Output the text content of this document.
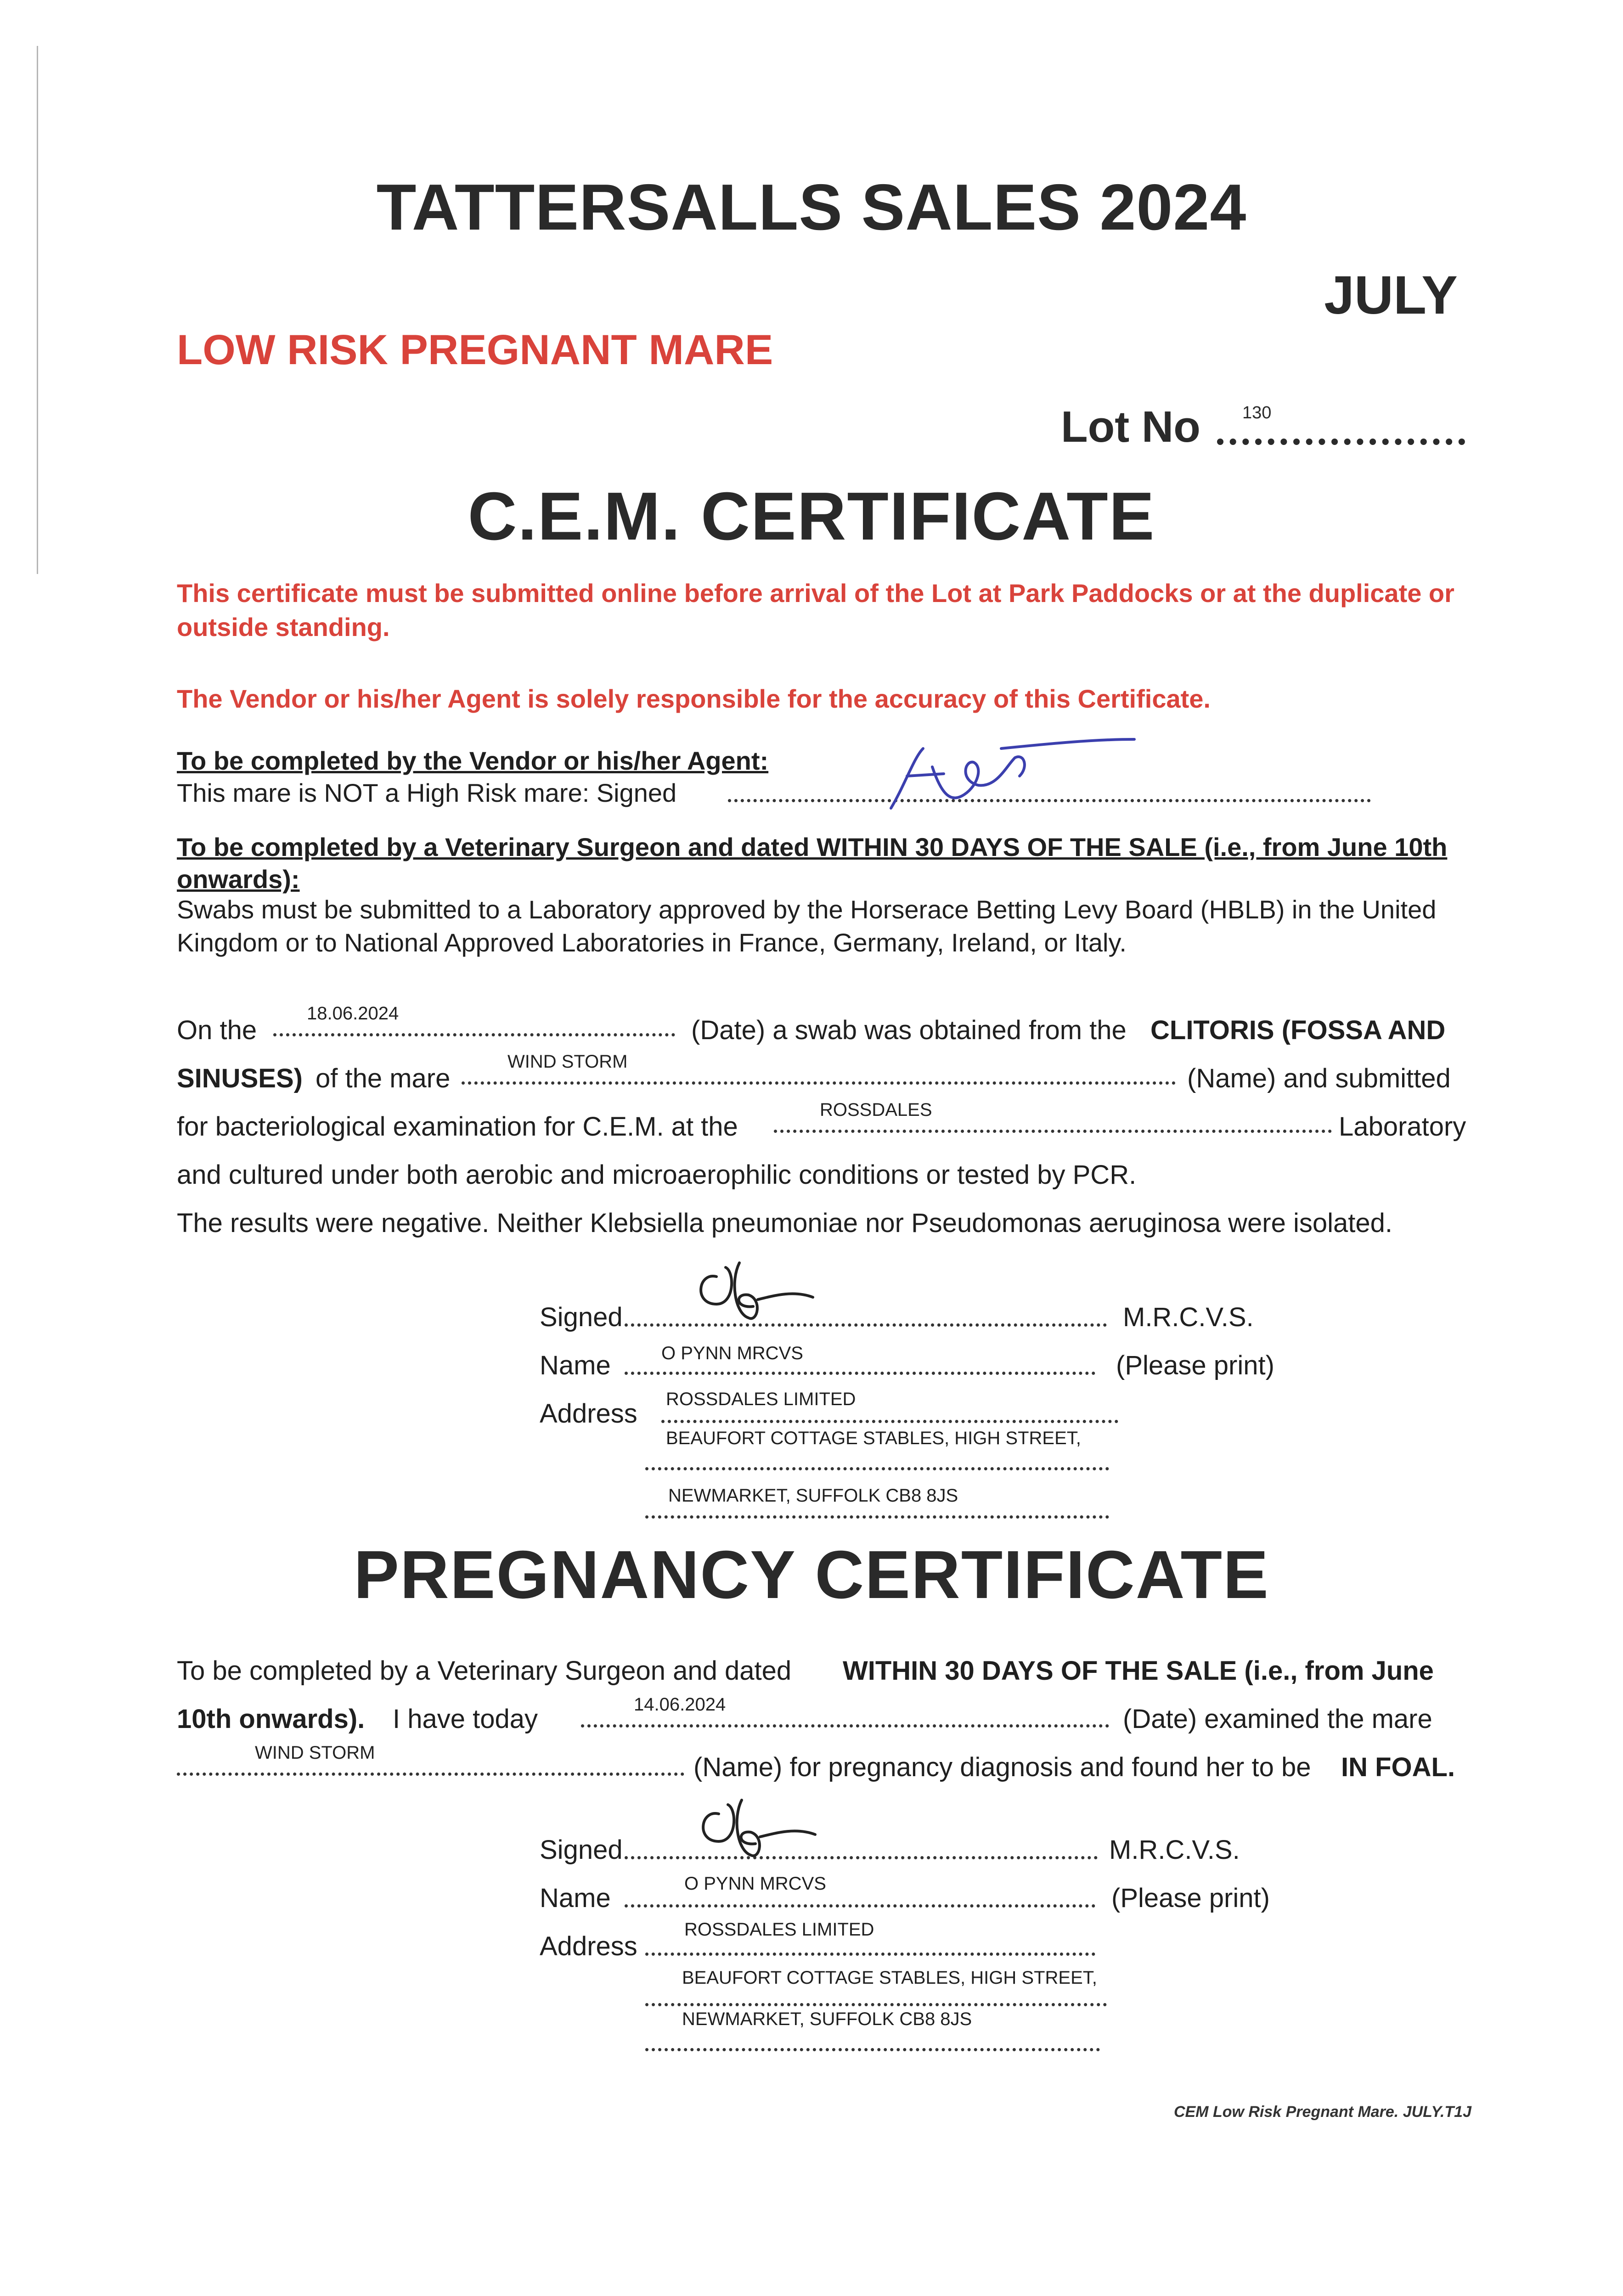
TATTERSALLS SALES 2024
JULY
LOW RISK PREGNANT MARE
Lot No 130
C.E.M. CERTIFICATE
This certificate must be submitted online before arrival of the Lot at Park Paddocks or at the duplicate or outside standing.
The Vendor or his/her Agent is solely responsible for the accuracy of this Certificate.
To be completed by the Vendor or his/her Agent:
This mare is NOT a High Risk mare: Signed
To be completed by a Veterinary Surgeon and dated WITHIN 30 DAYS OF THE SALE (i.e., from June 10th onwards):
Swabs must be submitted to a Laboratory approved by the Horserace Betting Levy Board (HBLB) in the United Kingdom or to National Approved Laboratories in France, Germany, Ireland, or Italy.
On the
18.06.2024
(Date) a swab was obtained from the CLITORIS (FOSSA AND
SINUSES) of the mare
WIND STORM
(Name) and submitted
for bacteriological examination for C.E.M. at the
ROSSDALES
Laboratory
and cultured under both aerobic and microaerophilic conditions or tested by PCR.
The results were negative. Neither Klebsiella pneumoniae nor Pseudomonas aeruginosa were isolated.
Signed	M.R.C.V.S.
Name	O PYNN MRCVS	(Please print)
Address ROSSDALES LIMITED
BEAUFORT COTTAGE STABLES, HIGH STREET,
NEWMARKET, SUFFOLK CB8 8JS
PREGNANCY CERTIFICATE
To be completed by a Veterinary Surgeon and dated WITHIN 30 DAYS OF THE SALE (i.e., from June
10th onwards). I have today	14.06.2024	(Date) examined the mare
WIND STORM	(Name) for pregnancy diagnosis and found her to be IN FOAL.
Signed	M.R.C.V.S.
Name	O PYNN MRCVS	(Please print)
Address
ROSSDALES LIMITED
BEAUFORT COTTAGE STABLES, HIGH STREET,
NEWMARKET, SUFFOLK CB8 8JS
CEM Low Risk Pregnant Mare. JULY.T1J
